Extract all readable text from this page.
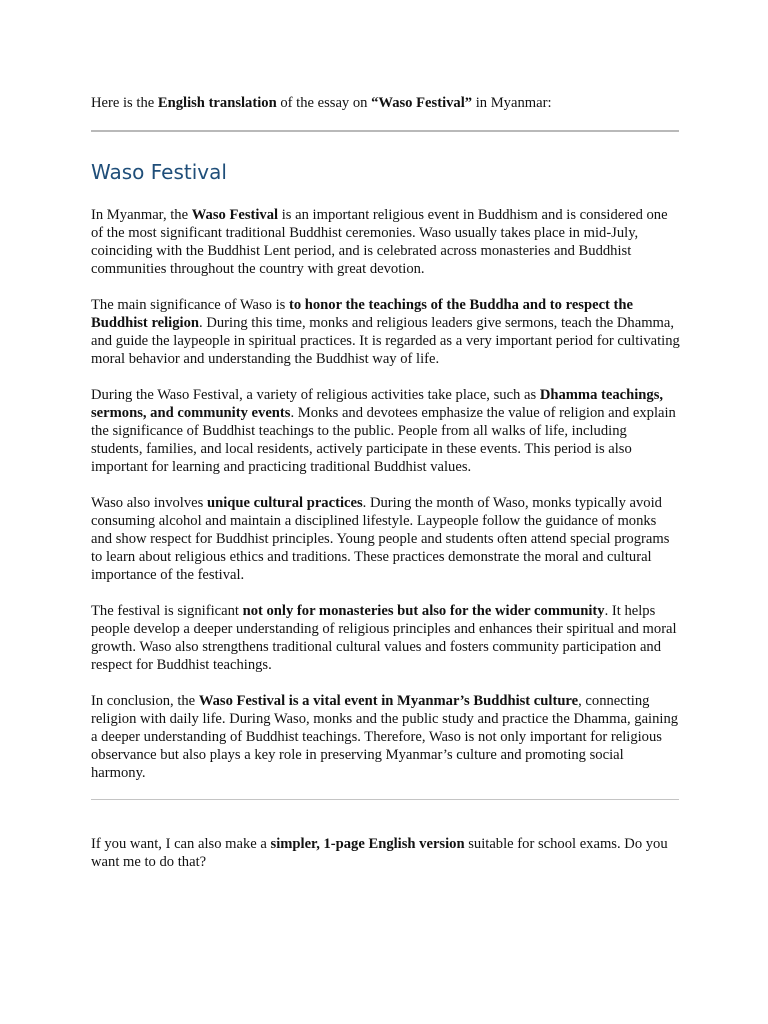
Here is the English translation of the essay on “Waso Festival” in Myanmar:

Waso Festival

In Myanmar, the Waso Festival is an important religious event in Buddhism and is considered one of the most significant traditional Buddhist ceremonies. Waso usually takes place in mid-July, coinciding with the Buddhist Lent period, and is celebrated across monasteries and Buddhist communities throughout the country with great devotion.

The main significance of Waso is to honor the teachings of the Buddha and to respect the Buddhist religion. During this time, monks and religious leaders give sermons, teach the Dhamma, and guide the laypeople in spiritual practices. It is regarded as a very important period for cultivating moral behavior and understanding the Buddhist way of life.

During the Waso Festival, a variety of religious activities take place, such as Dhamma teachings, sermons, and community events. Monks and devotees emphasize the value of religion and explain the significance of Buddhist teachings to the public. People from all walks of life, including students, families, and local residents, actively participate in these events. This period is also important for learning and practicing traditional Buddhist values.

Waso also involves unique cultural practices. During the month of Waso, monks typically avoid consuming alcohol and maintain a disciplined lifestyle. Laypeople follow the guidance of monks and show respect for Buddhist principles. Young people and students often attend special programs to learn about religious ethics and traditions. These practices demonstrate the moral and cultural importance of the festival.

The festival is significant not only for monasteries but also for the wider community. It helps people develop a deeper understanding of religious principles and enhances their spiritual and moral growth. Waso also strengthens traditional cultural values and fosters community participation and respect for Buddhist teachings.

In conclusion, the Waso Festival is a vital event in Myanmar’s Buddhist culture, connecting religion with daily life. During Waso, monks and the public study and practice the Dhamma, gaining a deeper understanding of Buddhist teachings. Therefore, Waso is not only important for religious observance but also plays a key role in preserving Myanmar’s culture and promoting social harmony.

If you want, I can also make a simpler, 1-page English version suitable for school exams. Do you want me to do that?
